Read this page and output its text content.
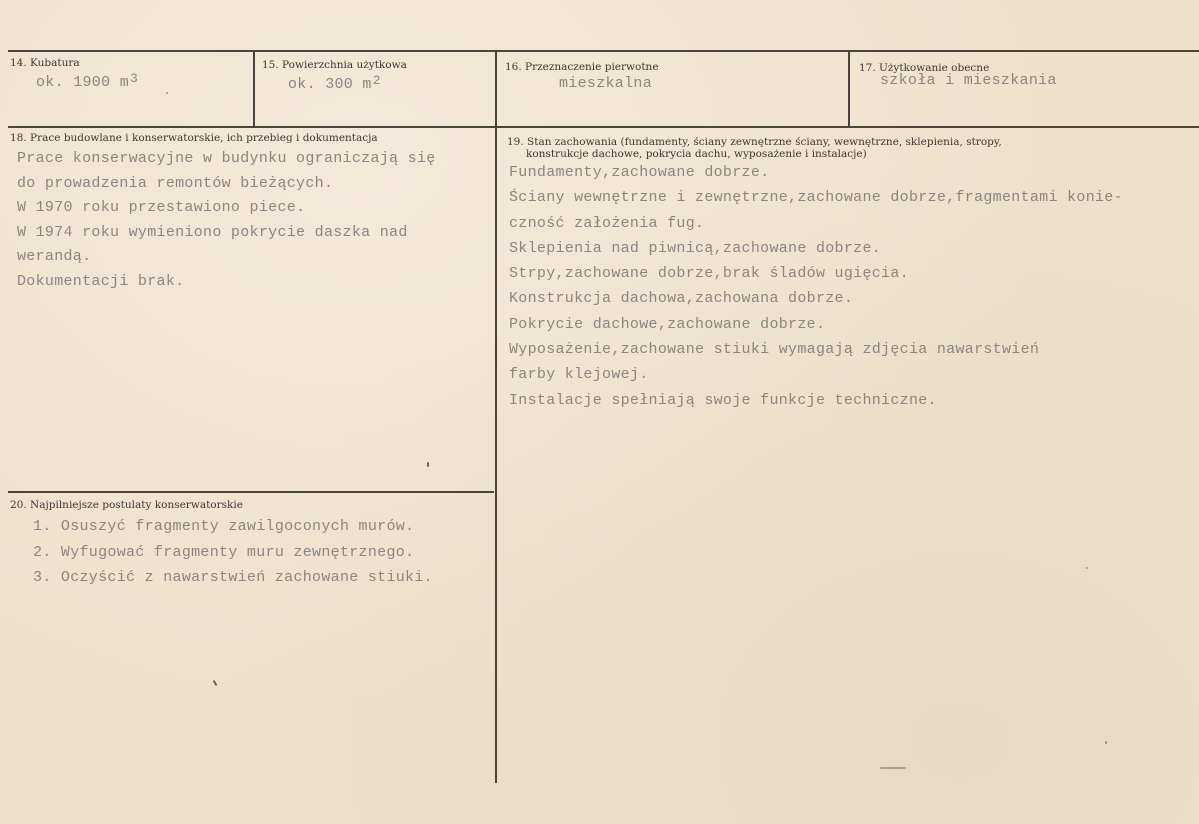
14. Kubatura
ok. 1900 $m^3$
15. Powierzchnia użytkowa
ok. 300 $m^2$
16. Przeznaczenie pierwotne
mieszkalna
17. Użytkowanie obecne
szkoła i mieszkania
18. Prace budowlane i konserwatorskie, ich przebieg i dokumentacja
Prace konserwacyjne w budynku ograniczają się
do prowadzenia remontów bieżących.
W 1970 roku przestawiono piece.
W 1974 roku wymieniono pokrycie daszka nad
werandą.
Dokumentacji brak.
19. Stan zachowania (fundamenty, ściany zewnętrzne ściany, wewnętrzne, sklepienia, stropy,
konstrukcje dachowe, pokrycia dachu, wyposażenie i instalacje)
Fundamenty,zachowane dobrze.
Ściany wewnętrzne i zewnętrzne,zachowane dobrze,fragmentami konie-
czność założenia fug.
Sklepienia nad piwnicą,zachowane dobrze.
Strpy,zachowane dobrze,brak śladów ugięcia.
Konstrukcja dachowa,zachowana dobrze.
Pokrycie dachowe,zachowane dobrze.
Wyposażenie,zachowane stiuki wymagają zdjęcia nawarstwień
farby klejowej.
Instalacje spełniają swoje funkcje techniczne.
20. Najpilniejsze postulaty konserwatorskie
1. Osuszyć fragmenty zawilgoconych murów.
2. Wyfugować fragmenty muru zewnętrznego.
3. Oczyścić z nawarstwień zachowane stiuki.
